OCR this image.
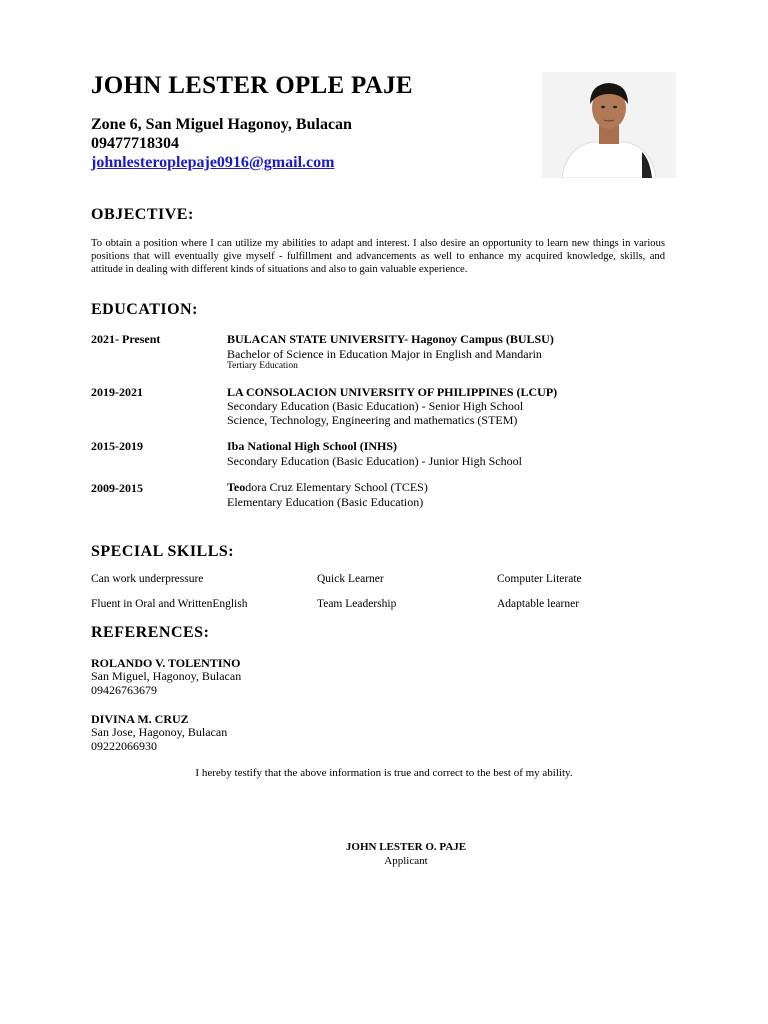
JOHN LESTER OPLE PAJE
Zone 6, San Miguel Hagonoy, Bulacan
09477718304
johnlesteroplepaje0916@gmail.com
OBJECTIVE:
To obtain a position where I can utilize my abilities to adapt and interest. I also desire an opportunity to learn new things in various positions that will eventually give myself - fulfillment and advancements as well to enhance my acquired knowledge, skills, and attitude in dealing with different kinds of situations and also to gain valuable experience.
EDUCATION:
2021- Present	BULACAN STATE UNIVERSITY- Hagonoy Campus (BULSU)
Bachelor of Science in Education Major in English and Mandarin
Tertiary Education
2019-2021	LA CONSOLACION UNIVERSITY OF PHILIPPINES (LCUP)
Secondary Education (Basic Education) - Senior High School
Science, Technology, Engineering and mathematics (STEM)
2015-2019	Iba National High School (INHS)
Secondary Education (Basic Education) - Junior High School
2009-2015	Teodora Cruz Elementary School (TCES)
Elementary Education (Basic Education)
SPECIAL SKILLS:
Can work underpressure	Quick Learner	Computer Literate
Fluent in Oral and WrittenEnglish	Team Leadership	Adaptable learner
REFERENCES:
ROLANDO V. TOLENTINO
San Miguel, Hagonoy, Bulacan
09426763679
DIVINA M. CRUZ
San Jose, Hagonoy, Bulacan
09222066930
I hereby testify that the above information is true and correct to the best of my ability.
JOHN LESTER O. PAJE
Applicant
